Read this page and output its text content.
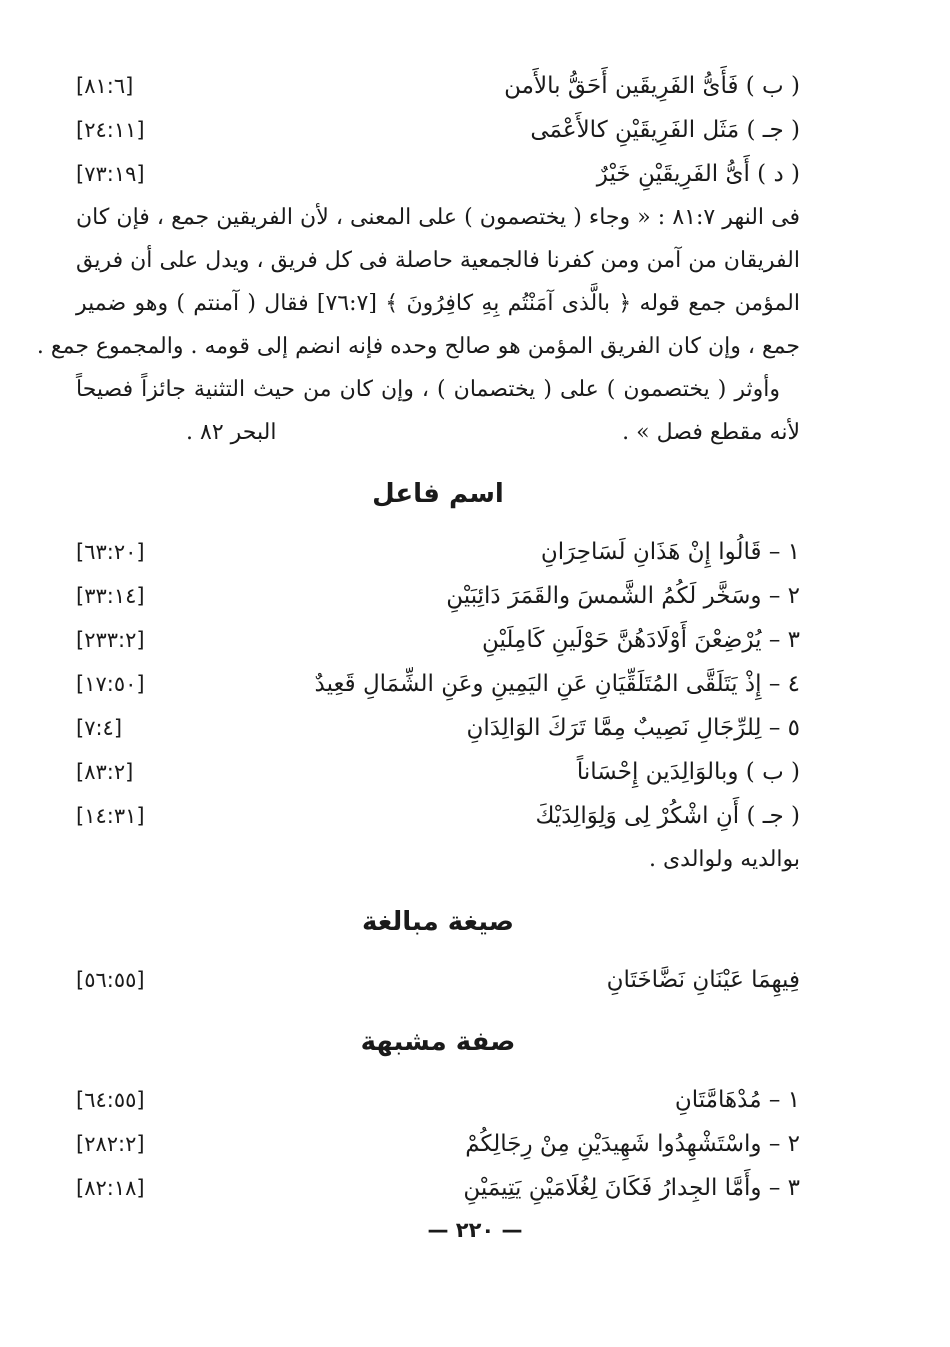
( ب ) فَأَىُّ الفَرِيقَين أَحَقُّ بالأَمن
[٨١:٦]
( جـ ) مَثَل الفَرِيقَيْنِ كالأَعْمَى
[٢٤:١١]
( د ) أَىُّ الفَرِيقَيْنِ خَيْرٌ
[٧٣:١٩]
فى النهر ٨١:٧ : « وجاء ( يختصمون ) على المعنى ، لأن الفريقين جمع ، فإن كان
الفريقان من آمن ومن كفرنا فالجمعية حاصلة فى كل فريق ، ويدل على أن فريق
المؤمن جمع قوله ﴿ بالَّذى آمَنْتُم بِهِ كافِرُونَ ﴾ [٧٦:٧] فقال ( آمنتم ) وهو ضمير
جمع ، وإن كان الفريق المؤمن هو صالح وحده فإنه انضم إلى قومه . والمجموع جمع .
وأوثر ( يختصمون ) على ( يختصمان ) ، وإن كان من حيث التثنية جائزاً فصيحاً
لأنه مقطع فصل » .
البحر ٨٢ .
اسم فاعل
١ – قَالُوا إِنْ هَذَانِ لَسَاحِرَانِ
[٦٣:٢٠]
٢ – وسَخَّر لَكُمُ الشَّمسَ والقَمَرَ دَائِبَيْنِ
[٣٣:١٤]
٣ – يُرْضِعْنَ أَوْلَادَهُنَّ حَوْلَينِ كَامِلَيْنِ
[٢٣٣:٢]
٤ – إِذْ يَتَلَقَّى المُتَلَقِّيَانِ عَنِ اليَمِينِ وعَنِ الشِّمَالِ قَعِيدٌ
[١٧:٥٠]
٥ – لِلرِّجَالِ نَصِيبٌ مِمَّا تَرَكَ الوَالِدَانِ
[٧:٤]
( ب ) وبالوَالِدَين إِحْسَاناً
[٨٣:٢]
( جـ ) أَنِ اشْكُرْ لِى وَلِوَالِدَيْكَ
[١٤:٣١]
بوالديه ولوالدى .
صيغة مبالغة
فِيهِمَا عَيْنَانِ نَضَّاخَتَانِ
[٥٦:٥٥]
صفة مشبهة
١ – مُدْهَامَّتَانِ
[٦٤:٥٥]
٢ – واسْتَشْهِدُوا شَهِيدَيْنِ مِنْ رِجَالِكُمْ
[٢٨٢:٢]
٣ – وأَمَّا الجِدارُ فَكَانَ لِغُلَامَيْنِ يَتِيمَيْنِ
[٨٢:١٨]
— ٢٢٠ —
